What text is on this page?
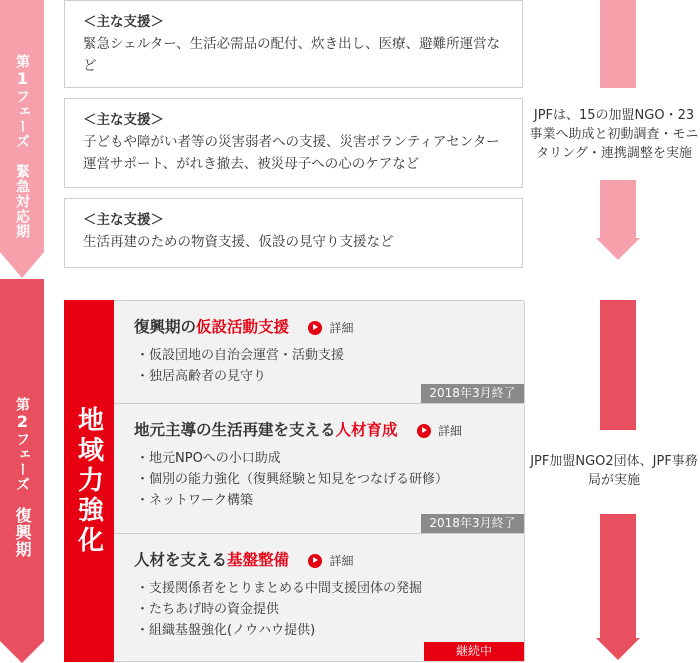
第1フェーズ　緊急対応期
第2フェーズ　復興期
＜主な支援＞
緊急シェルター、生活必需品の配付、炊き出し、医療、避難所運営など
＜主な支援＞
子どもや障がい者等の災害弱者への支援、災害ボランティアセンター運営サポート、がれき撤去、被災母子への心のケアなど
＜主な支援＞
生活再建のための物資支援、仮設の見守り支援など
地域力強化
復興期の仮設活動支援	詳細
・仮設団地の自治会運営・活動支援
・独居高齢者の見守り
2018年3月終了
地元主導の生活再建を支える人材育成	詳細
・地元NPOへの小口助成
・個別の能力強化（復興経験と知見をつなげる研修）
・ネットワーク構築
2018年3月終了
人材を支える基盤整備	詳細
・支援関係者をとりまとめる中間支援団体の発掘
・たちあげ時の資金提供
・組織基盤強化(ノウハウ提供)
継続中
JPFは、15の加盟NGO・23事業へ助成と初動調査・モニタリング・連携調整を実施
JPF加盟NGO2団体、JPF事務局が実施
